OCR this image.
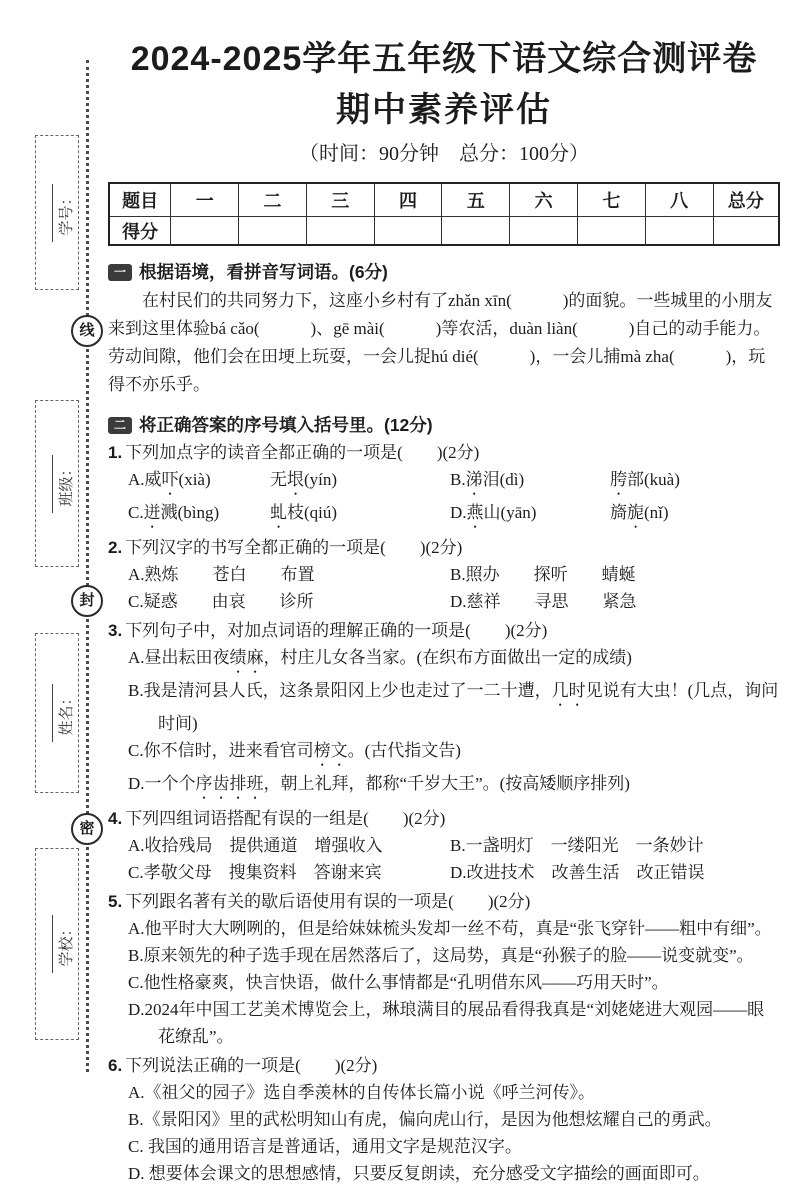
学号：

班级：

姓名：

学校：
线
封
密
2024-2025学年五年级下语文综合测评卷
期中素养评估
（时间：90分钟　总分：100分）
题目	一	二	三	四	五	六	七	八	总分
得分									
一 根据语境，看拼音写词语。(6分)

在村民们的共同努力下，这座小乡村有了zhǎn xīn(　　　)的面貌。一些城里的小朋友来到这里体验bá cǎo(　　　)、gē mài(　　　)等农活，duàn liàn(　　　)自己的动手能力。劳动间隙，他们会在田埂上玩耍，一会儿捉hú dié(　　　)，一会儿捕mà zha(　　　)，玩得不亦乐乎。

二 将正确答案的序号填入括号里。(12分)
1. 下列加点字的读音全都正确的一项是(　　)(2分)
A.威吓(xià)	无垠(yín)	B.涕泪(dì)	胯部(kuà)
C.迸溅(bìng)	虬枝(qiú)	D.燕山(yān)	旖旎(nǐ)
2. 下列汉字的书写全都正确的一项是(　　)(2分)
A.熟炼　　苍白　　布置	B.照办　　探听　　蜻蜒
C.疑惑　　由哀　　诊所	D.慈祥　　寻思　　紧急
3. 下列句子中，对加点词语的理解正确的一项是(　　)(2分)
A.昼出耘田夜绩麻，村庄儿女各当家。(在织布方面做出一定的成绩)
B.我是清河县人氏，这条景阳冈上少也走过了一二十遭，几时见说有大虫！(几点，询问时间)
C.你不信时，进来看官司榜文。(古代指文告)
D.一个个序齿排班，朝上礼拜，都称“千岁大王”。(按高矮顺序排列)
4. 下列四组词语搭配有误的一组是(　　)(2分)
A.收拾残局　提供通道　增强收入	B.一盏明灯　一缕阳光　一条妙计
C.孝敬父母　搜集资料　答谢来宾	D.改进技术　改善生活　改正错误
5. 下列跟名著有关的歇后语使用有误的一项是(　　)(2分)
A.他平时大大咧咧的，但是给妹妹梳头发却一丝不苟，真是“张飞穿针——粗中有细”。
B.原来领先的种子选手现在居然落后了，这局势，真是“孙猴子的脸——说变就变”。
C.他性格豪爽，快言快语，做什么事情都是“孔明借东风——巧用天时”。
D.2024年中国工艺美术博览会上，琳琅满目的展品看得我真是“刘姥姥进大观园——眼花缭乱”。
6. 下列说法正确的一项是(　　)(2分)
A.《祖父的园子》选自季羡林的自传体长篇小说《呼兰河传》。
B.《景阳冈》里的武松明知山有虎，偏向虎山行，是因为他想炫耀自己的勇武。
C. 我国的通用语言是普通话，通用文字是规范汉字。
D. 想要体会课文的思想感情，只要反复朗读，充分感受文字描绘的画面即可。
